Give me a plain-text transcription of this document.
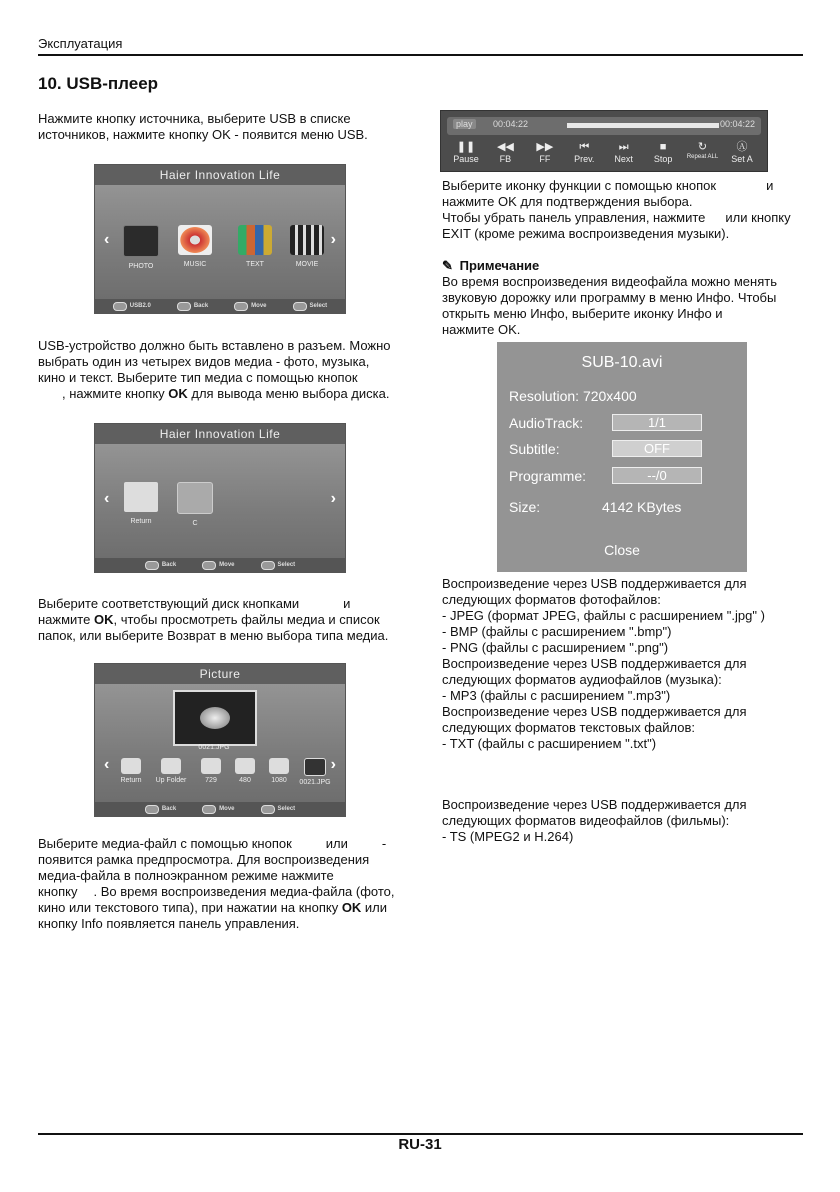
Эксплуатация
10. USB-плеер

Нажмите кнопку источника, выберите USB в списке

источников, нажмите кнопку OK - появится меню USB.

Haier Innovation Life
‹	›
PHOTO	MUSIC	TEXT	MOVIE
USB2.0	Back	Move	Select

USB-устройство должно быть вставлено в разъем. Можно

выбрать один из четырех видов медиа - фото, музыка,

кино и текст. Выберите тип медиа с помощью кнопок

, нажмите кнопку OK для вывода меню выбора диска.

Haier Innovation Life
‹	›
Return	C
Back	Move	Select

Выберите соответствующий диск кнопками	и

нажмите OK, чтобы просмотреть файлы медиа и список

папок, или выберите Возврат в меню выбора типа медиа.

Picture
0021.JPG
‹	›
Return	Up Folder	729	480	1080	0021.JPG
Back	Move	Select

Выберите медиа-файл с помощью кнопок	или	-

появится рамка предпросмотра. Для воспроизведения

медиа-файла в полноэкранном режиме нажмите

кнопку . Во время воспроизведения медиа-файла (фото,

кино или текстового типа), при нажатии на кнопку OK или

кнопку Info появляется панель управления.

play	00:04:22	00:04:22
❚❚
Pause
◀◀
FB
▶▶
FF
⏮
Prev.
⏭
Next
■
Stop
↻
Repeat ALL
Ⓐ
Set A

Выберите иконку функции с помощью кнопок	и

нажмите OK для подтверждения выбора.

Чтобы убрать панель управления, нажмите или кнопку

EXIT (кроме режима воспроизведения музыки).

✎ Примечание

Во время воспроизведения видеофайла можно менять

звуковую дорожку или программу в меню Инфо. Чтобы

открыть меню Инфо, выберите иконку Инфо и

нажмите OK.

SUB-10.avi
Resolution: 720x400
AudioTrack:	1/1
Subtitle:	OFF
Programme:	--/0
Size:	4142 KBytes
Close

Воспроизведение через USB поддерживается для

следующих форматов фотофайлов:

- JPEG (формат JPEG, файлы с расширением ".jpg" )

- BMP (файлы с расширением ".bmp")

- PNG (файлы с расширением ".png")

Воспроизведение через USB поддерживается для

следующих форматов аудиофайлов (музыка):

- MP3 (файлы с расширением ".mp3")

Воспроизведение через USB поддерживается для

следующих форматов текстовых файлов:

- TXT (файлы с расширением ".txt")

Воспроизведение через USB поддерживается для

следующих форматов видеофайлов (фильмы):

- TS (MPEG2 и H.264)

RU-31
